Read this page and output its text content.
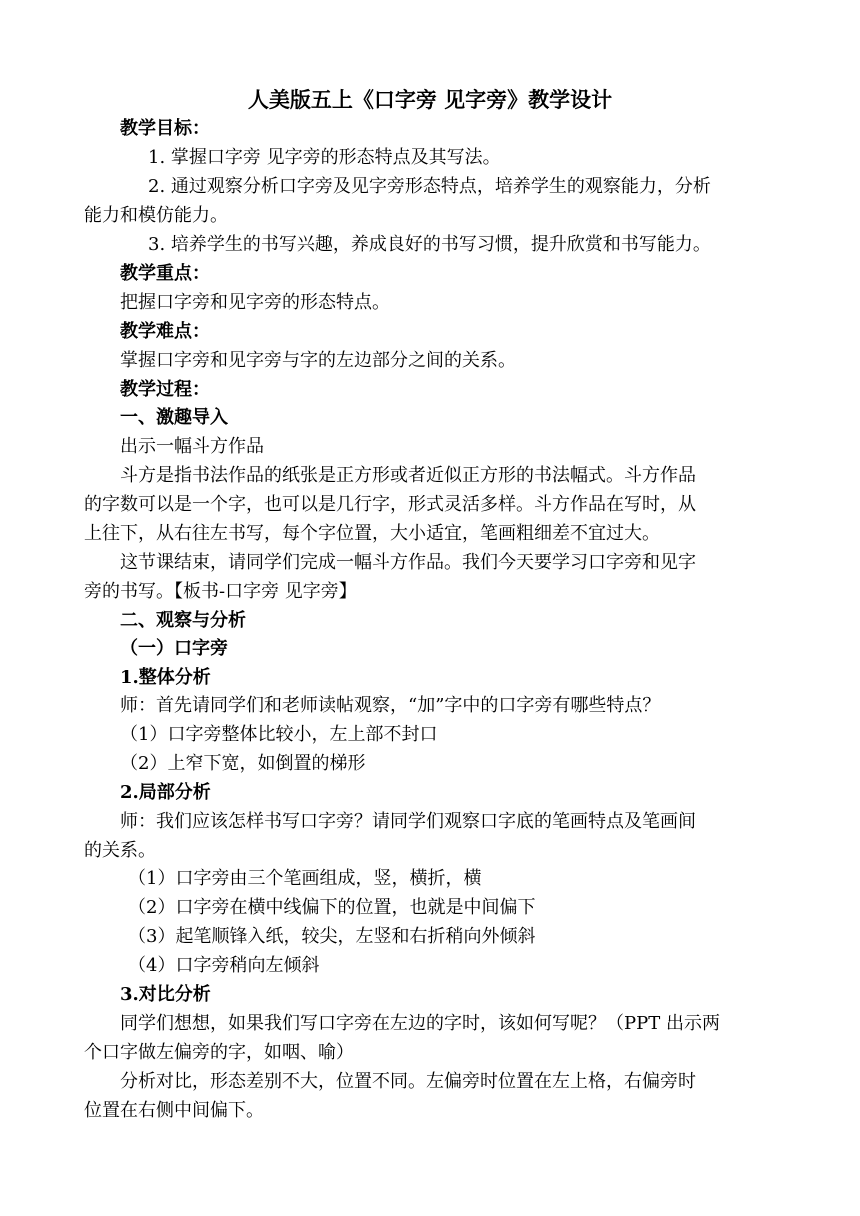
人美版五上《口字旁 见字旁》教学设计
教学目标：
1. 掌握口字旁 见字旁的形态特点及其写法。
2. 通过观察分析口字旁及见字旁形态特点，培养学生的观察能力，分析
能力和模仿能力。
3. 培养学生的书写兴趣，养成良好的书写习惯，提升欣赏和书写能力。
教学重点：
把握口字旁和见字旁的形态特点。
教学难点：
掌握口字旁和见字旁与字的左边部分之间的关系。
教学过程：
一、激趣导入
出示一幅斗方作品
斗方是指书法作品的纸张是正方形或者近似正方形的书法幅式。斗方作品
的字数可以是一个字，也可以是几行字，形式灵活多样。斗方作品在写时，从
上往下，从右往左书写，每个字位置，大小适宜，笔画粗细差不宜过大。
这节课结束，请同学们完成一幅斗方作品。我们今天要学习口字旁和见字
旁的书写。【板书-口字旁 见字旁】
二、观察与分析
（一）口字旁
1.整体分析
师：首先请同学们和老师读帖观察，“加”字中的口字旁有哪些特点？
（1）口字旁整体比较小，左上部不封口
（2）上窄下宽，如倒置的梯形
2.局部分析
师：我们应该怎样书写口字旁？请同学们观察口字底的笔画特点及笔画间
的关系。
（1）口字旁由三个笔画组成，竖，横折，横
（2）口字旁在横中线偏下的位置，也就是中间偏下
（3）起笔顺锋入纸，较尖，左竖和右折稍向外倾斜
（4）口字旁稍向左倾斜
3.对比分析
同学们想想，如果我们写口字旁在左边的字时，该如何写呢？（PPT 出示两
个口字做左偏旁的字，如咽、喻）
分析对比，形态差别不大，位置不同。左偏旁时位置在左上格，右偏旁时
位置在右侧中间偏下。
